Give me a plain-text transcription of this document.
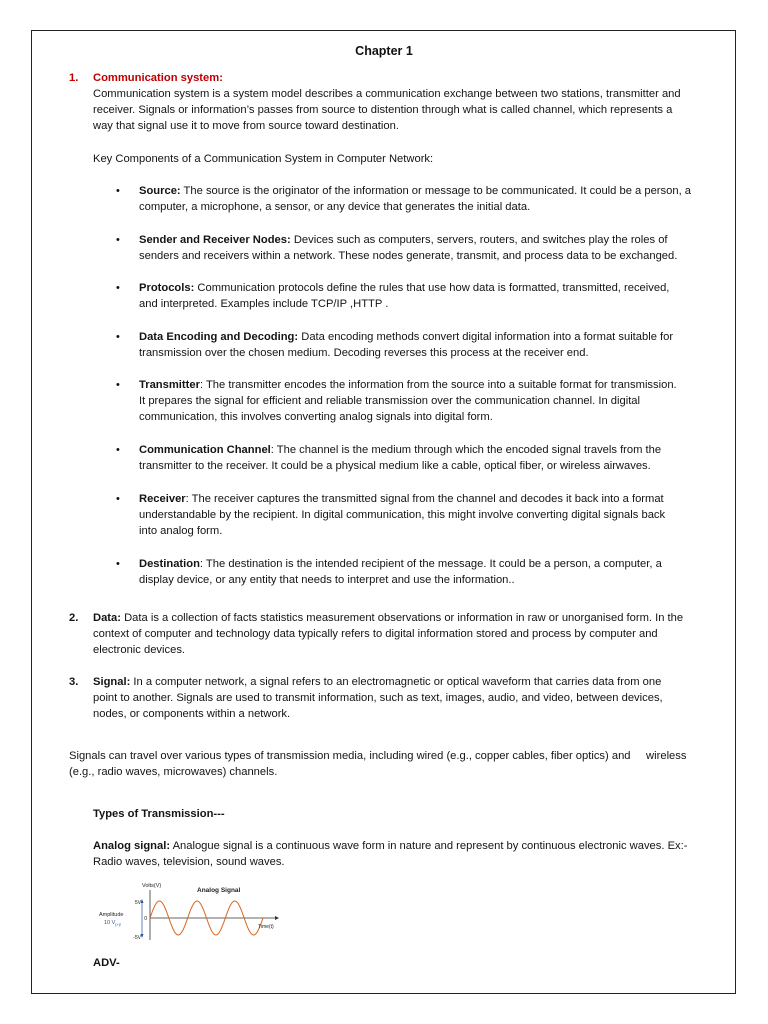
Chapter 1
1. Communication system:
Communication system is a system model describes a communication exchange between two stations, transmitter and
receiver. Signals or information’s passes from source to distention through what is called channel, which represents a
way that signal use it to move from source toward destination.
Key Components of a Communication System in Computer Network:
• Source: The source is the originator of the information or message to be communicated. It could be a person, a
computer, a microphone, a sensor, or any device that generates the initial data.
• Sender and Receiver Nodes: Devices such as computers, servers, routers, and switches play the roles of
senders and receivers within a network. These nodes generate, transmit, and process data to be exchanged.
• Protocols: Communication protocols define the rules that use how data is formatted, transmitted, received,
and interpreted. Examples include TCP/IP ,HTTP .
• Data Encoding and Decoding: Data encoding methods convert digital information into a format suitable for
transmission over the chosen medium. Decoding reverses this process at the receiver end.
• Transmitter: The transmitter encodes the information from the source into a suitable format for transmission.
It prepares the signal for efficient and reliable transmission over the communication channel. In digital
communication, this involves converting analog signals into digital form.
• Communication Channel: The channel is the medium through which the encoded signal travels from the
transmitter to the receiver. It could be a physical medium like a cable, optical fiber, or wireless airwaves.
• Receiver: The receiver captures the transmitted signal from the channel and decodes it back into a format
understandable by the recipient. In digital communication, this might involve converting digital signals back
into analog form.
• Destination: The destination is the intended recipient of the message. It could be a person, a computer, a
display device, or any entity that needs to interpret and use the information..
2. Data: Data is a collection of facts statistics measurement observations or information in raw or unorganised form. In the
context of computer and technology data typically refers to digital information stored and process by computer and
electronic devices.
3. Signal: In a computer network, a signal refers to an electromagnetic or optical waveform that carries data from one
point to another. Signals are used to transmit information, such as text, images, audio, and video, between devices,
nodes, or components within a network.
Signals can travel over various types of transmission media, including wired (e.g., copper cables, fiber optics) and     wireless
(e.g., radio waves, microwaves) channels.
Types of Transmission---
Analog signal: Analogue signal is a continuous wave form in nature and represent by continuous electronic waves. Ex:-
Radio waves, television, sound waves.
Volts(V)
Analog Signal
5V
0
-5V
Amplitude
10 $V_{p-p}$	Time(t)
ADV-
